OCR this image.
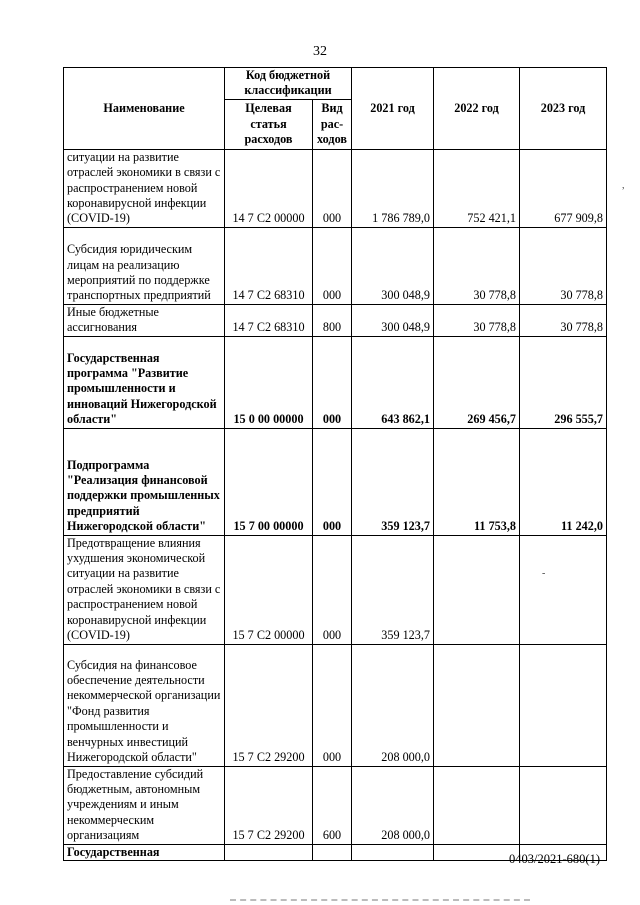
32
Наименование	Код бюджетной классификации		2021 год	2022 год	2023 год
	Целевая статья расходов	Вид рас-ходов			
ситуации на развитие отраслей экономики в связи с распространением новой коронавирусной инфекции (COVID-19)	14 7 C2 00000	000	1 786 789,0	752 421,1	677 909,8
Субсидия юридическим лицам на реализацию мероприятий по поддержке транспортных предприятий	14 7 C2 68310	000	300 048,9	30 778,8	30 778,8
Иные бюджетные ассигнования	14 7 C2 68310	800	300 048,9	30 778,8	30 778,8
Государственная программа "Развитие промышленности и инноваций Нижегородской области"	15 0 00 00000	000	643 862,1	269 456,7	296 555,7
Подпрограмма "Реализация финансовой поддержки промышленных предприятий Нижегородской области"	15 7 00 00000	000	359 123,7	11 753,8	11 242,0
Предотвращение влияния ухудшения экономической ситуации на развитие отраслей экономики в связи с распространением новой коронавирусной инфекции (COVID-19)	15 7 C2 00000	000	359 123,7		
Субсидия на финансовое обеспечение деятельности некоммерческой организации "Фонд развития промышленности и венчурных инвестиций Нижегородской области"	15 7 C2 29200	000	208 000,0		
Предоставление субсидий бюджетным, автономным учреждениям и иным некоммерческим организациям	15 7 C2 29200	600	208 000,0		
Государственная					
0403/2021-680(1)
,
-
